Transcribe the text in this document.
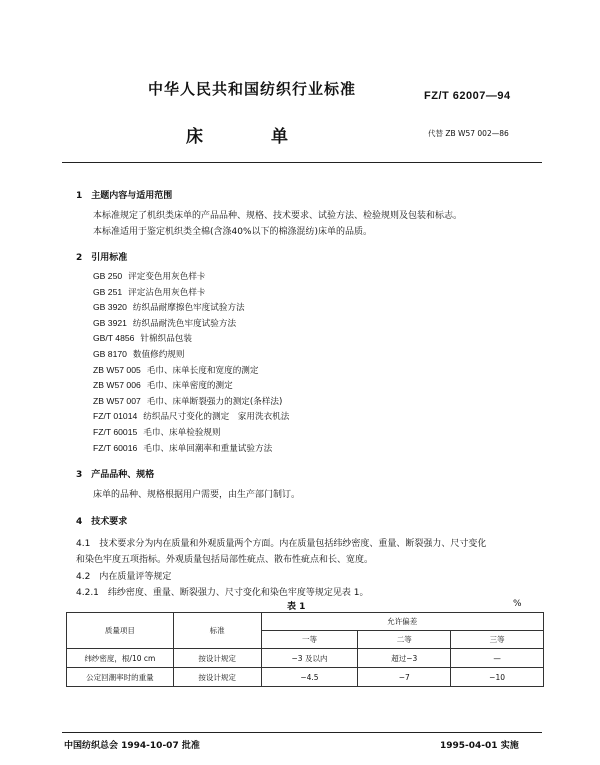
中华人民共和国纺织行业标准	FZ/T 62007—94
床　　　　单	代替 ZB W57 002—86
1　主题内容与适用范围
本标准规定了机织类床单的产品品种、规格、技术要求、试验方法、检验规则及包装和标志。
本标准适用于鉴定机织类全棉(含涤40%以下的棉涤混纺)床单的品质。
2　引用标准
GB 250 评定变色用灰色样卡
GB 251 评定沾色用灰色样卡
GB 3920 纺织品耐摩擦色牢度试验方法
GB 3921 纺织品耐洗色牢度试验方法
GB/T 4856 针棉织品包装
GB 8170 数值修约规则
ZB W57 005 毛巾、床单长度和宽度的测定
ZB W57 006 毛巾、床单密度的测定
ZB W57 007 毛巾、床单断裂强力的测定(条样法)
FZ/T 01014 纺织品尺寸变化的测定　家用洗衣机法
FZ/T 60015 毛巾、床单检验规则
FZ/T 60016 毛巾、床单回潮率和重量试验方法
3　产品品种、规格
床单的品种、规格根据用户需要，由生产部门制订。
4　技术要求
4.1　技术要求分为内在质量和外观质量两个方面。内在质量包括纬纱密度、重量、断裂强力、尺寸变化
和染色牢度五项指标。外观质量包括局部性疵点、散布性疵点和长、宽度。
4.2　内在质量评等规定
4.2.1　纬纱密度、重量、断裂强力、尺寸变化和染色牢度等规定见表 1。
表 1	%
质量项目	标准	允许偏差		
		一等	二等	三等
纬纱密度，根/10 cm	按设计规定	−3 及以内	超过−3	—
公定回潮率时的重量	按设计规定	−4.5	−7	−10
中国纺织总会 1994-10-07 批准	1995-04-01 实施
